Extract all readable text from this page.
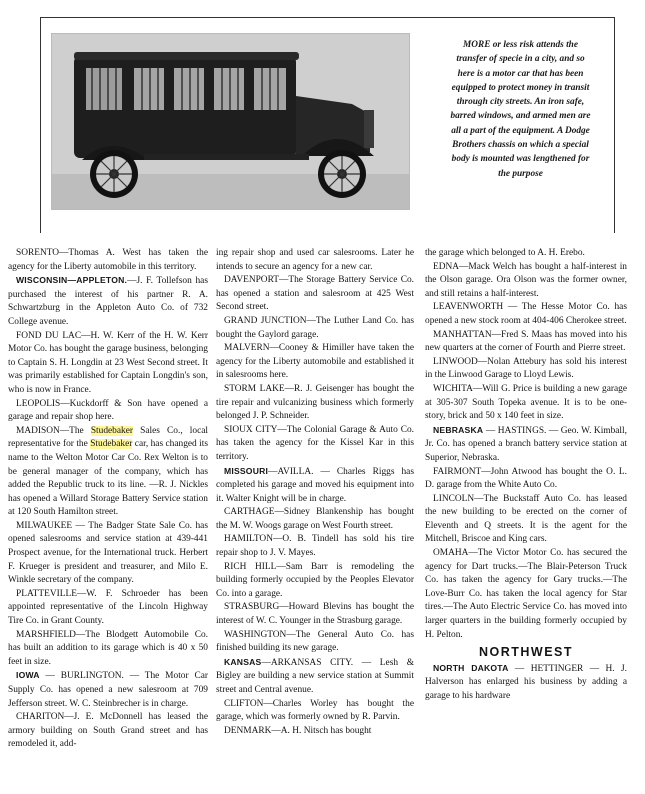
MORE or less risk attends the transfer of specie in a city, and so here is a motor car that has been equipped to protect money in transit through city streets. An iron safe, barred windows, and armed men are all a part of the equipment. A Dodge Brothers chassis on which a special body is mounted was lengthened for the purpose

SORENTO—Thomas A. West has taken the agency for the Liberty automobile in this territory.

WISCONSIN—APPLETON.—J. F. Tollefson has purchased the interest of his partner R. A. Schwartzburg in the Appleton Auto Co. of 732 College avenue.

FOND DU LAC—H. W. Kerr of the H. W. Kerr Motor Co. has bought the garage business, belonging to Captain S. H. Longdin at 23 West Second street. It was primarily established for Captain Longdin's son, who is now in France.

LEOPOLIS—Kuckdorff & Son have opened a garage and repair shop here.

MADISON—The Studebaker Sales Co., local representative for the Studebaker car, has changed its name to the Welton Motor Car Co. Rex Welton is to be general manager of the company, which has added the Republic truck to its line. —R. J. Nickles has opened a Willard Storage Battery Service station at 120 South Hamilton street.

MILWAUKEE — The Badger State Sale Co. has opened salesrooms and service station at 439-441 Prospect avenue, for the International truck. Herbert F. Krueger is president and treasurer, and Milo E. Winkle secretary of the company.

PLATTEVILLE—W. F. Schroeder has been appointed representative of the Lincoln Highway Tire Co. in Grant County.

MARSHFIELD—The Blodgett Automobile Co. has built an addition to its garage which is 40 x 50 feet in size.

IOWA — BURLINGTON. — The Motor Car Supply Co. has opened a new salesroom at 709 Jefferson street. W. C. Steinbrecher is in charge.

CHARITON—J. E. McDonnell has leased the armory building on South Grand street and has remodeled it, add-

ing repair shop and used car salesrooms. Later he intends to secure an agency for a new car.

DAVENPORT—The Storage Battery Service Co. has opened a station and salesroom at 425 West Second street.

GRAND JUNCTION—The Luther Land Co. has bought the Gaylord garage.

MALVERN—Cooney & Himiller have taken the agency for the Liberty automobile and established it in salesrooms here.

STORM LAKE—R. J. Geisenger has bought the tire repair and vulcanizing business which formerly belonged J. P. Schneider.

SIOUX CITY—The Colonial Garage & Auto Co. has taken the agency for the Kissel Kar in this territory.

MISSOURI—AVILLA. — Charles Riggs has completed his garage and moved his equipment into it. Walter Knight will be in charge.

CARTHAGE—Sidney Blankenship has bought the M. W. Woogs garage on West Fourth street.

HAMILTON—O. B. Tindell has sold his tire repair shop to J. V. Mayes.

RICH HILL—Sam Barr is remodeling the building formerly occupied by the Peoples Elevator Co. into a garage.

STRASBURG—Howard Blevins has bought the interest of W. C. Younger in the Strasburg garage.

WASHINGTON—The General Auto Co. has finished building its new garage.

KANSAS—ARKANSAS CITY. — Lesh & Bigley are building a new service station at Summit street and Central avenue.

CLIFTON—Charles Worley has bought the garage, which was formerly owned by R. Parvin.

DENMARK—A. H. Nitsch has bought

the garage which belonged to A. H. Erebo.

EDNA—Mack Welch has bought a half-interest in the Olson garage. Ora Olson was the former owner, and still retains a half-interest.

LEAVENWORTH — The Hesse Motor Co. has opened a new stock room at 404-406 Cherokee street.

MANHATTAN—Fred S. Maas has moved into his new quarters at the corner of Fourth and Pierre street.

LINWOOD—Nolan Attebury has sold his interest in the Linwood Garage to Lloyd Lewis.

WICHITA—Will G. Price is building a new garage at 305-307 South Topeka avenue. It is to be one-story, brick and 50 x 140 feet in size.

NEBRASKA — HASTINGS. — Geo. W. Kimball, Jr. Co. has opened a branch battery service station at Superior, Nebraska.

FAIRMONT—John Atwood has bought the O. L. D. garage from the White Auto Co.

LINCOLN—The Buckstaff Auto Co. has leased the new building to be erected on the corner of Eleventh and Q streets. It is the agent for the Mitchell, Briscoe and King cars.

OMAHA—The Victor Motor Co. has secured the agency for Dart trucks.—The Blair-Peterson Truck Co. has taken the agency for Gary trucks.—The Love-Burr Co. has taken the local agency for Star tires.—The Auto Electric Service Co. has moved into larger quarters in the building formerly occupied by H. Pelton.

NORTHWEST

NORTH DAKOTA — HETTINGER — H. J. Halverson has enlarged his business by adding a garage to his hardware
